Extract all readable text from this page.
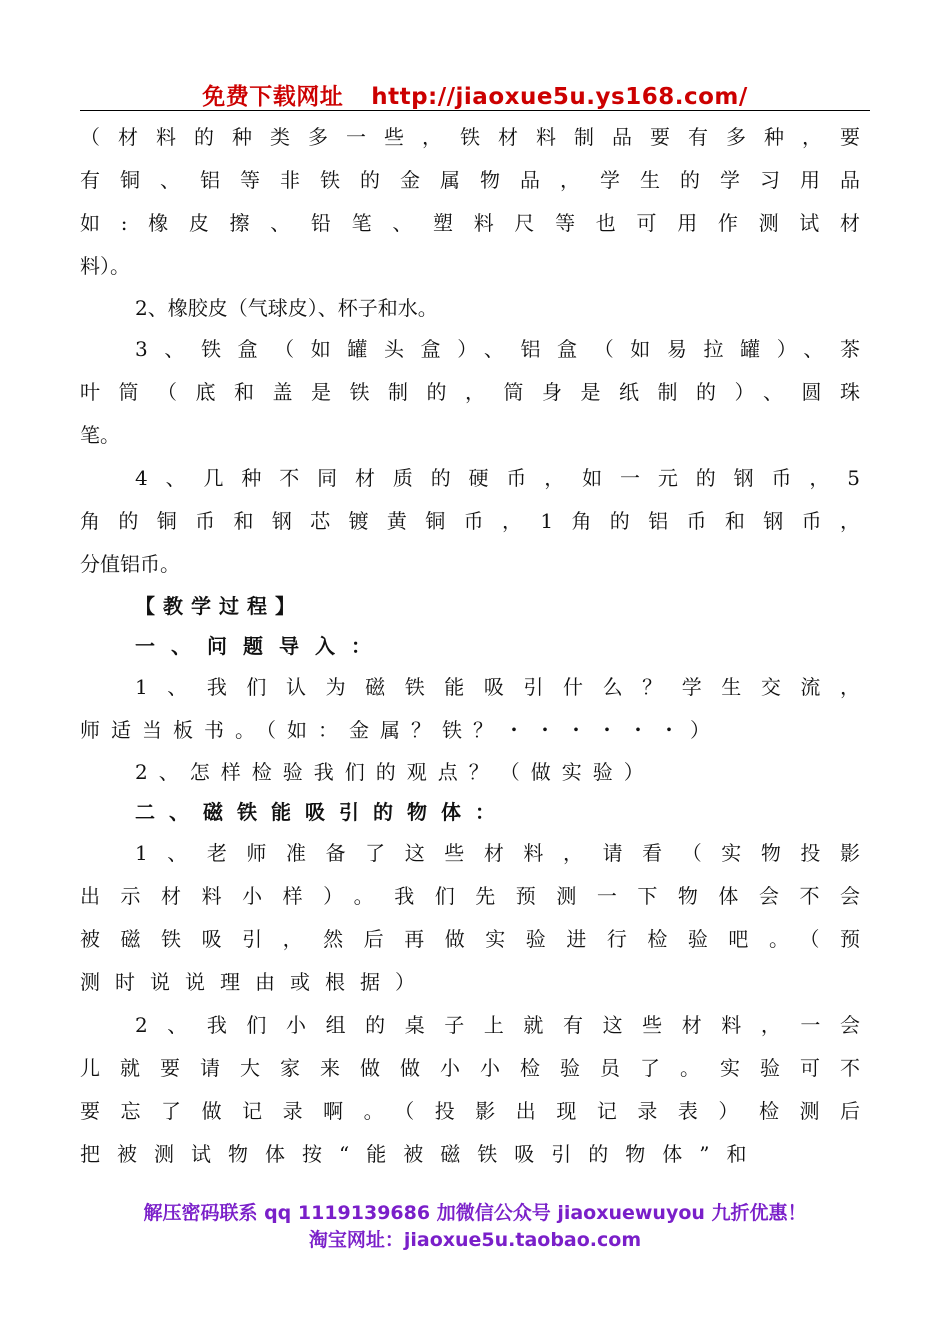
免费下载网址 http://jiaoxue5u.ys168.com/

（材料的种类多一些，铁材料制品要有多种，要

有铜、铝等非铁的金属物品，学生的学习用品

如:橡皮擦、铅笔、塑料尺等也可用作测试材

料）。

2、橡胶皮（气球皮）、杯子和水。

3、铁盒（如罐头盒）、铝盒（如易拉罐）、茶

叶筒（底和盖是铁制的，筒身是纸制的）、圆珠

笔。

4、几种不同材质的硬币，如一元的钢币，5

角的铜币和钢芯镀黄铜币，1角的铝币和钢币，

分值铝币。

【教学过程】

一、问题导入：

1、我们认为磁铁能吸引什么？学生交流，

师适当板书。（如：金属？铁？・・・・・・）

2、怎样检验我们的观点？（做实验）

二、磁铁能吸引的物体：

1、老师准备了这些材料，请看（实物投影

出示材料小样）。我们先预测一下物体会不会

被磁铁吸引，然后再做实验进行检验吧。（预

测时说说理由或根据）

2、我们小组的桌子上就有这些材料，一会

儿就要请大家来做做小小检验员了。实验可不

要忘了做记录啊。（投影出现记录表）检测后

把被测试物体按“能被磁铁吸引的物体”和

解压密码联系 qq 1119139686 加微信公众号 jiaoxuewuyou 九折优惠！
淘宝网址：jiaoxue5u.taobao.com
